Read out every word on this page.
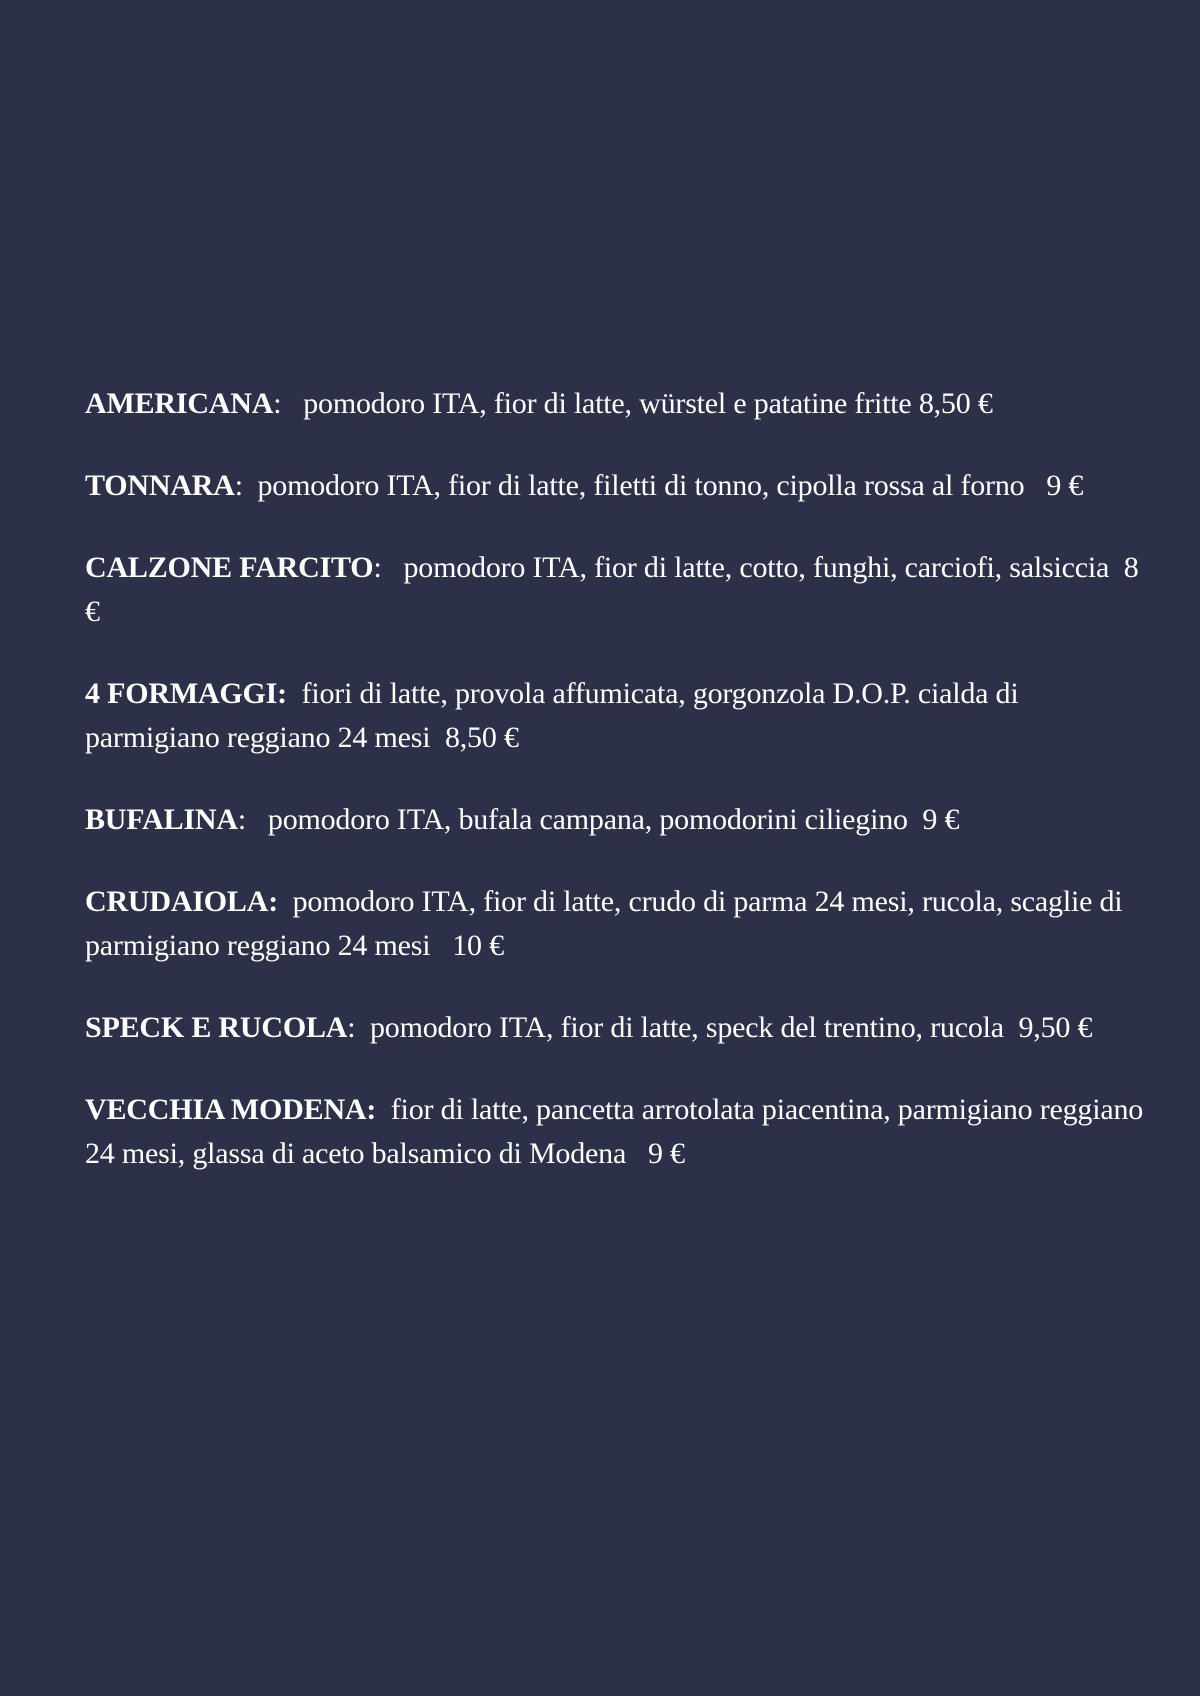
AMERICANA:   pomodoro ITA, fior di latte, würstel e patatine fritte 8,50 €

TONNARA:  pomodoro ITA, fior di latte, filetti di tonno, cipolla rossa al forno   9 €

CALZONE FARCITO:   pomodoro ITA, fior di latte, cotto, funghi, carciofi, salsiccia  8 €

4 FORMAGGI:  fiori di latte, provola affumicata, gorgonzola D.O.P. cialda di parmigiano reggiano 24 mesi  8,50 €

BUFALINA:   pomodoro ITA, bufala campana, pomodorini ciliegino  9 €

CRUDAIOLA:  pomodoro ITA, fior di latte, crudo di parma 24 mesi, rucola, scaglie di parmigiano reggiano 24 mesi   10 €

SPECK E RUCOLA:  pomodoro ITA, fior di latte, speck del trentino, rucola  9,50 €

VECCHIA MODENA:  fior di latte, pancetta arrotolata piacentina, parmigiano reggiano 24 mesi, glassa di aceto balsamico di Modena   9 €
